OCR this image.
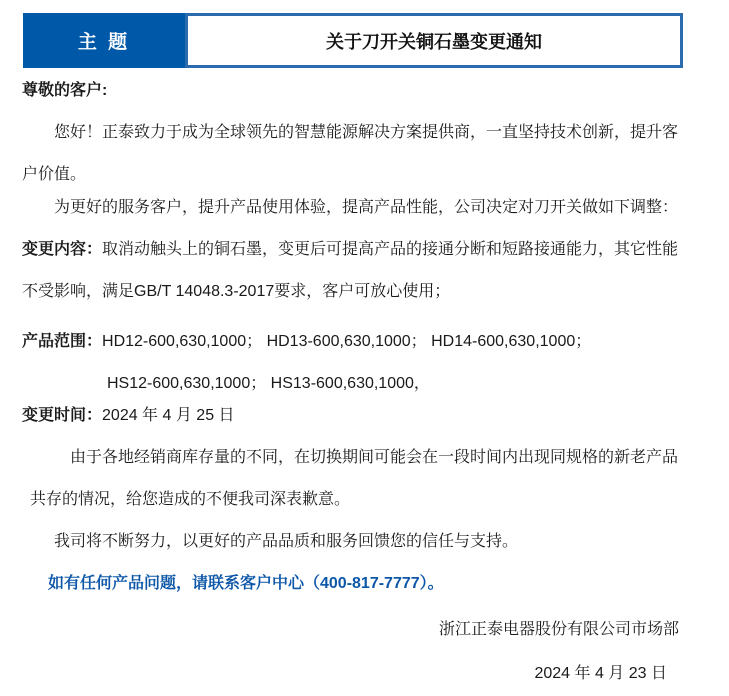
主 题	关于刀开关铜石墨变更通知
尊敬的客户:
您好！正泰致力于成为全球领先的智慧能源解决方案提供商，一直坚持技术创新，提升客
户价值。
为更好的服务客户，提升产品使用体验，提高产品性能，公司决定对刀开关做如下调整：
变更内容：取消动触头上的铜石墨，变更后可提高产品的接通分断和短路接通能力，其它性能
不受影响，满足GB/T 14048.3-2017要求，客户可放心使用；
产品范围：HD12-600,630,1000； HD13-600,630,1000； HD14-600,630,1000；
HS12-600,630,1000； HS13-600,630,1000，
变更时间：2024 年 4 月 25 日
由于各地经销商库存量的不同，在切换期间可能会在一段时间内出现同规格的新老产品
共存的情况，给您造成的不便我司深表歉意。
我司将不断努力，以更好的产品品质和服务回馈您的信任与支持。
如有任何产品问题，请联系客户中心（400-817-7777）。
浙江正泰电器股份有限公司市场部
2024 年 4 月 23 日
